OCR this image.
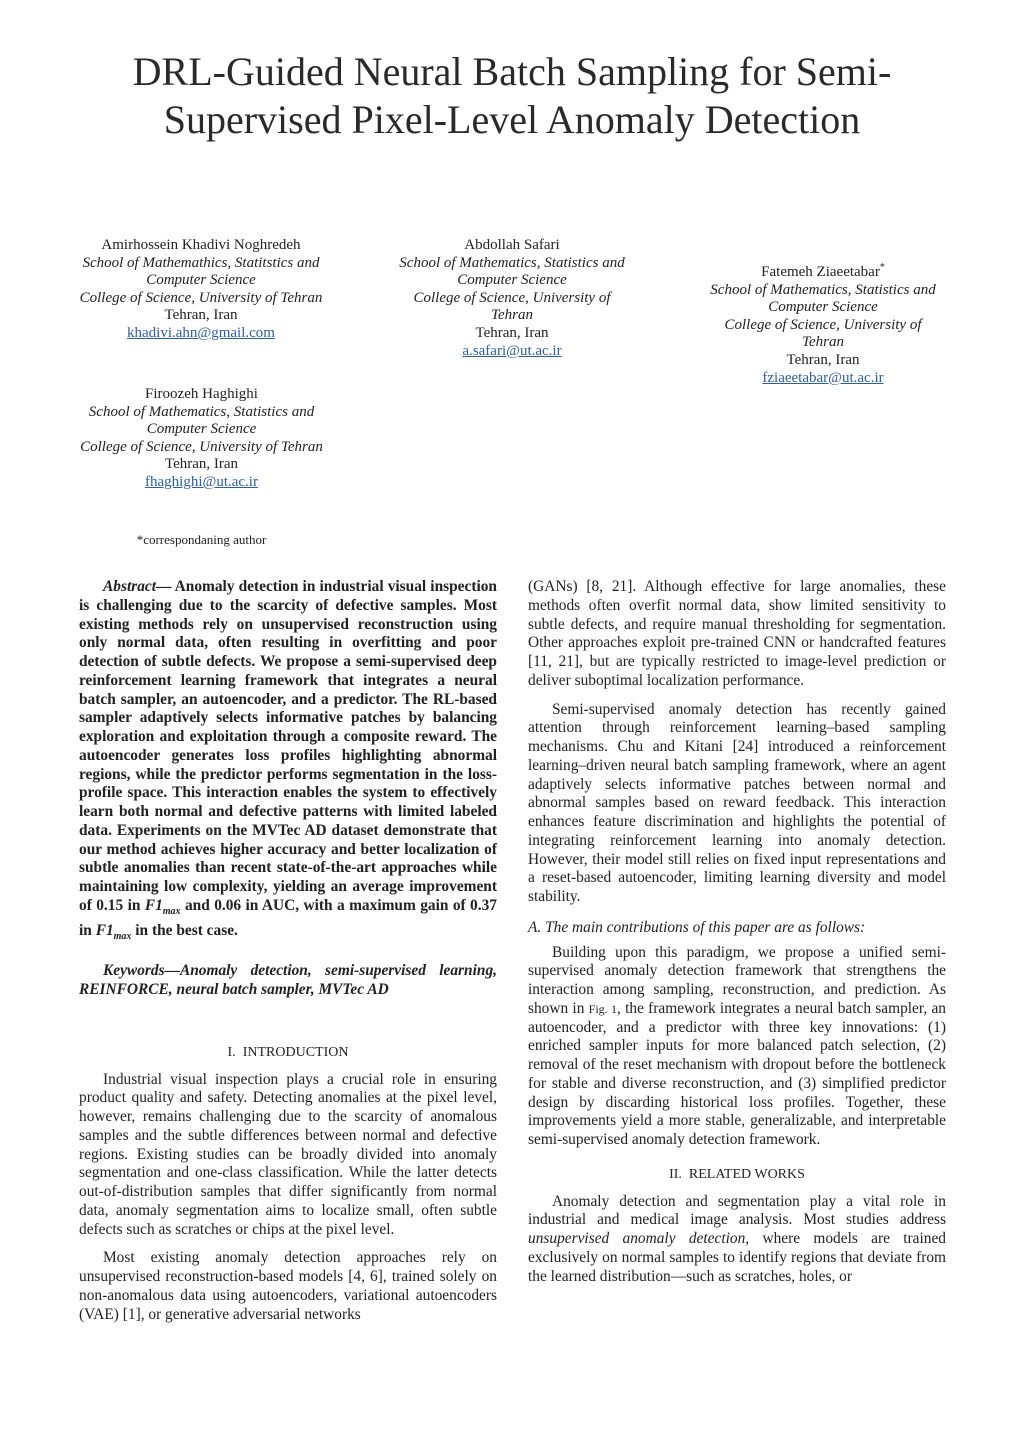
DRL-Guided Neural Batch Sampling for Semi-Supervised Pixel-Level Anomaly Detection
Amirhossein Khadivi Noghredeh
School of Mathemathics, Statitstics and Computer Science
College of Science, University of Tehran
Tehran, Iran
khadivi.ahn@gmail.com
Abdollah Safari
School of Mathematics, Statistics and Computer Science
College of Science, University of Tehran
Tehran, Iran
a.safari@ut.ac.ir
Fatemeh Ziaeetabar*
School of Mathematics, Statistics and Computer Science
College of Science, University of Tehran
Tehran, Iran
fziaeetabar@ut.ac.ir
Firoozeh Haghighi
School of Mathematics, Statistics and Computer Science
College of Science, University of Tehran
Tehran, Iran
fhaghighi@ut.ac.ir
*correspondaning author

Abstract— Anomaly detection in industrial visual inspection is challenging due to the scarcity of defective samples. Most existing methods rely on unsupervised reconstruction using only normal data, often resulting in overfitting and poor detection of subtle defects. We propose a semi-supervised deep reinforcement learning framework that integrates a neural batch sampler, an autoencoder, and a predictor. The RL-based sampler adaptively selects informative patches by balancing exploration and exploitation through a composite reward. The autoencoder generates loss profiles highlighting abnormal regions, while the predictor performs segmentation in the loss-profile space. This interaction enables the system to effectively learn both normal and defective patterns with limited labeled data. Experiments on the MVTec AD dataset demonstrate that our method achieves higher accuracy and better localization of subtle anomalies than recent state-of-the-art approaches while maintaining low complexity, yielding an average improvement of 0.15 in $F1_{max}$ and 0.06 in AUC, with a maximum gain of 0.37 in $F1_{max}$ in the best case.

Keywords—Anomaly detection, semi-supervised learning, REINFORCE, neural batch sampler, MVTec AD

I. INTRODUCTION

Industrial visual inspection plays a crucial role in ensuring product quality and safety. Detecting anomalies at the pixel level, however, remains challenging due to the scarcity of anomalous samples and the subtle differences between normal and defective regions. Existing studies can be broadly divided into anomaly segmentation and one-class classification. While the latter detects out-of-distribution samples that differ significantly from normal data, anomaly segmentation aims to localize small, often subtle defects such as scratches or chips at the pixel level.

Most existing anomaly detection approaches rely on unsupervised reconstruction-based models [4, 6], trained solely on non-anomalous data using autoencoders, variational autoencoders (VAE) [1], or generative adversarial networks

(GANs) [8, 21]. Although effective for large anomalies, these methods often overfit normal data, show limited sensitivity to subtle defects, and require manual thresholding for segmentation. Other approaches exploit pre-trained CNN or handcrafted features [11, 21], but are typically restricted to image-level prediction or deliver suboptimal localization performance.

Semi-supervised anomaly detection has recently gained attention through reinforcement learning–based sampling mechanisms. Chu and Kitani [24] introduced a reinforcement learning–driven neural batch sampling framework, where an agent adaptively selects informative patches between normal and abnormal samples based on reward feedback. This interaction enhances feature discrimination and highlights the potential of integrating reinforcement learning into anomaly detection. However, their model still relies on fixed input representations and a reset-based autoencoder, limiting learning diversity and model stability.

A. The main contributions of this paper are as follows:

Building upon this paradigm, we propose a unified semi-supervised anomaly detection framework that strengthens the interaction among sampling, reconstruction, and prediction. As shown in Fig. 1, the framework integrates a neural batch sampler, an autoencoder, and a predictor with three key innovations: (1) enriched sampler inputs for more balanced patch selection, (2) removal of the reset mechanism with dropout before the bottleneck for stable and diverse reconstruction, and (3) simplified predictor design by discarding historical loss profiles. Together, these improvements yield a more stable, generalizable, and interpretable semi-supervised anomaly detection framework.

II. RELATED WORKS

Anomaly detection and segmentation play a vital role in industrial and medical image analysis. Most studies address unsupervised anomaly detection, where models are trained exclusively on normal samples to identify regions that deviate from the learned distribution—such as scratches, holes, or
